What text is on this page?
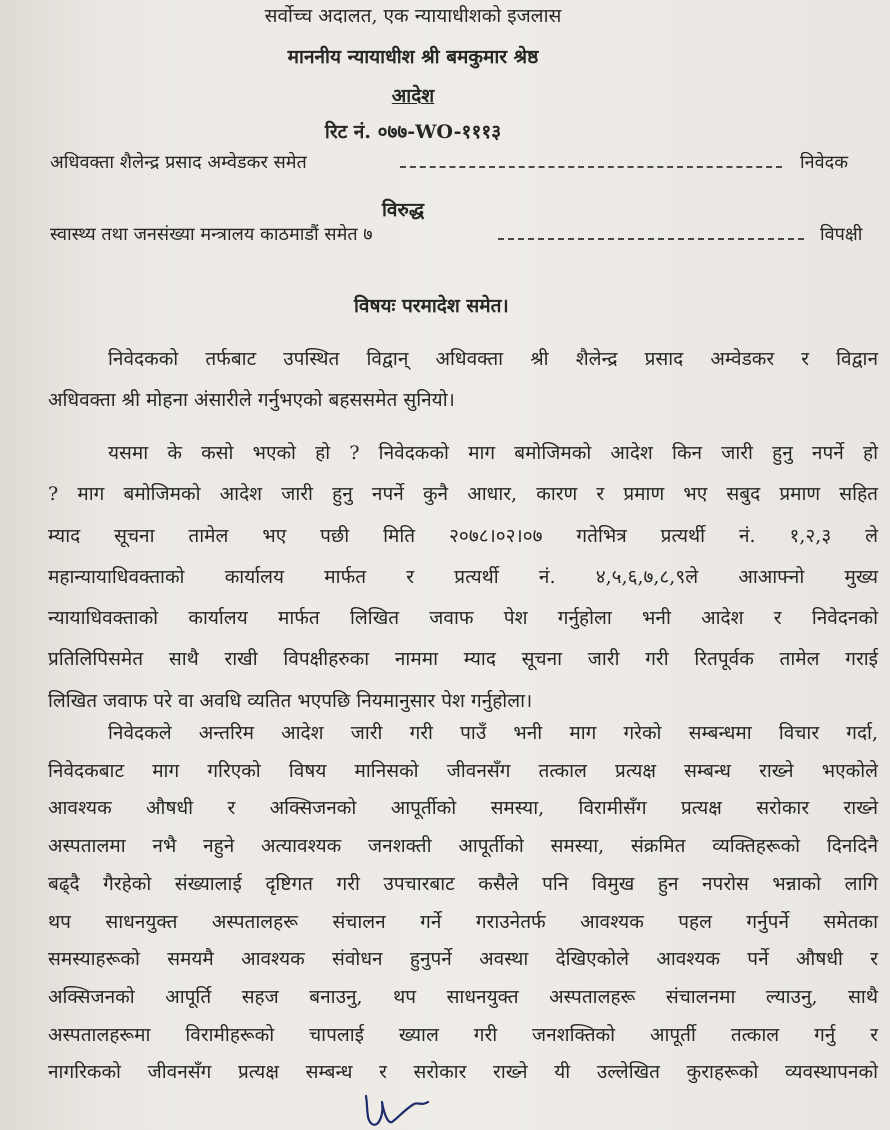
सर्वोच्च अदालत, एक न्यायाधीशको इजलास
माननीय न्यायाधीश श्री बमकुमार श्रेष्ठ
आदेश
रिट नं. ०७७-WO-१११३
अधिवक्ता शैलेन्द्र प्रसाद अम्वेडकर समेत	निवेदक
विरुद्ध
स्वास्थ्य तथा जनसंख्या मन्त्रालय काठमाडौं समेत ७	विपक्षी
विषयः परमादेश समेत।
निवेदकको तर्फबाट उपस्थित विद्वान् अधिवक्ता श्री शैलेन्द्र प्रसाद अम्वेडकर र विद्वान
अधिवक्ता श्री मोहना अंसारीले गर्नुभएको बहससमेत सुनियो।
यसमा के कसो भएको हो ? निवेदकको माग बमोजिमको आदेश किन जारी हुनु नपर्ने हो
? माग बमोजिमको आदेश जारी हुनु नपर्ने कुनै आधार, कारण र प्रमाण भए सबुद प्रमाण सहित
म्याद सूचना तामेल भए पछी मिति २०७८।०२।०७ गतेभित्र प्रत्यर्थी नं. १,२,३ ले
महान्यायाधिवक्ताको कार्यालय मार्फत र प्रत्यर्थी नं. ४,५,६,७,८,९ले आआफ्नो मुख्य
न्यायाधिवक्ताको कार्यालय मार्फत लिखित जवाफ पेश गर्नुहोला भनी आदेश र निवेदनको
प्रतिलिपिसमेत साथै राखी विपक्षीहरुका नाममा म्याद सूचना जारी गरी रितपूर्वक तामेल गराई
लिखित जवाफ परे वा अवधि व्यतित भएपछि नियमानुसार पेश गर्नुहोला।
निवेदकले अन्तरिम आदेश जारी गरी पाउँ भनी माग गरेको सम्बन्धमा विचार गर्दा,
निवेदकबाट माग गरिएको विषय मानिसको जीवनसँग तत्काल प्रत्यक्ष सम्बन्ध राख्ने भएकोले
आवश्यक औषधी र अक्सिजनको आपूर्तीको समस्या, विरामीसँग प्रत्यक्ष सरोकार राख्ने
अस्पतालमा नभै नहुने अत्यावश्यक जनशक्ती आपूर्तीको समस्या, संक्रमित व्यक्तिहरूको दिनदिनै
बढ्दै गैरहेको संख्यालाई दृष्टिगत गरी उपचारबाट कसैले पनि विमुख हुन नपरोस भन्नाको लागि
थप साधनयुक्त अस्पतालहरू संचालन गर्ने गराउनेतर्फ आवश्यक पहल गर्नुपर्ने समेतका
समस्याहरूको समयमै आवश्यक संवोधन हुनुपर्ने अवस्था देखिएकोले आवश्यक पर्ने औषधी र
अक्सिजनको आपूर्ति सहज बनाउनु, थप साधनयुक्त अस्पतालहरू संचालनमा ल्याउनु, साथै
अस्पतालहरूमा विरामीहरूको चापलाई ख्याल गरी जनशक्तिको आपूर्ती तत्काल गर्नु र
नागरिकको जीवनसँग प्रत्यक्ष सम्बन्ध र सरोकार राख्ने यी उल्लेखित कुराहरूको व्यवस्थापनको
